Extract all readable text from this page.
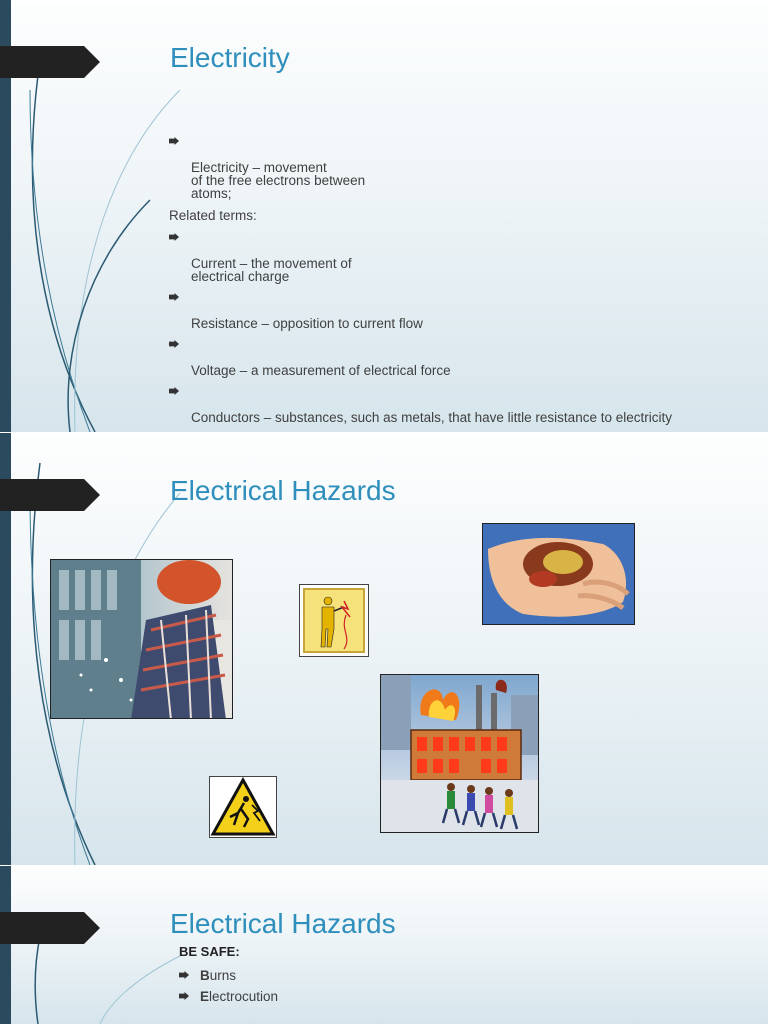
Electricity

Electricity – movement
of the free electrons between
atoms;

Related terms:

Current – the movement of
electrical charge

Resistance – opposition to current flow

Voltage – a measurement of electrical force

Conductors – substances, such as metals, that have little resistance to electricity

Electrical Hazards
Electrical Hazards
BE SAFE:
Burns
Electrocution
